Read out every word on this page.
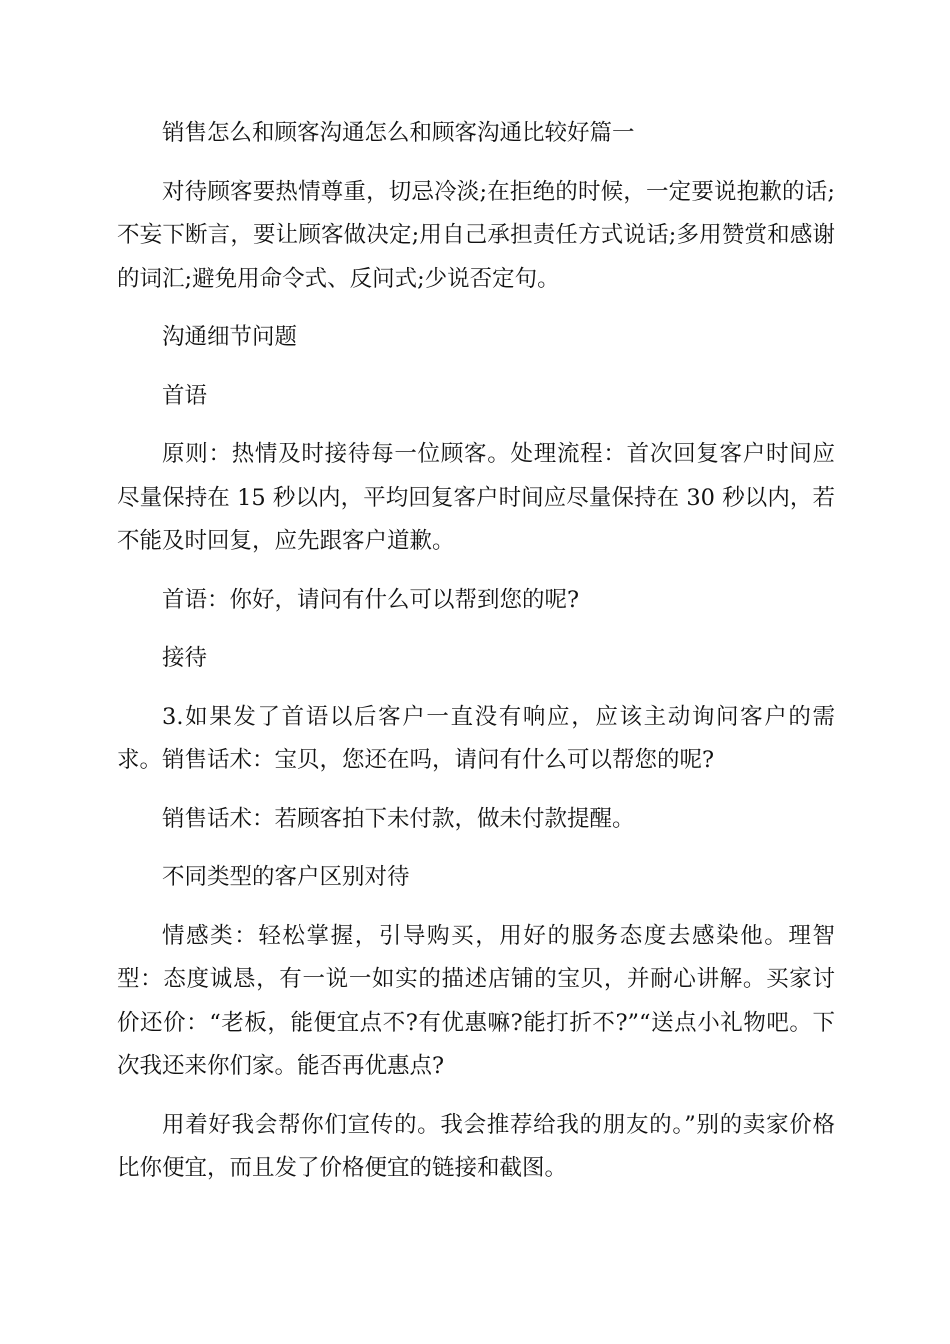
销售怎么和顾客沟通怎么和顾客沟通比较好篇一

对待顾客要热情尊重，切忌冷淡;在拒绝的时候，一定要说抱歉的话;不妄下断言，要让顾客做决定;用自己承担责任方式说话;多用赞赏和感谢的词汇;避免用命令式、反问式;少说否定句。

沟通细节问题

首语

原则：热情及时接待每一位顾客。处理流程：首次回复客户时间应尽量保持在 15 秒以内，平均回复客户时间应尽量保持在 30 秒以内，若不能及时回复，应先跟客户道歉。

首语：你好，请问有什么可以帮到您的呢?

接待

3.如果发了首语以后客户一直没有响应，应该主动询问客户的需求。销售话术：宝贝，您还在吗，请问有什么可以帮您的呢?

销售话术：若顾客拍下未付款，做未付款提醒。

不同类型的客户区别对待

情感类：轻松掌握，引导购买，用好的服务态度去感染他。理智型：态度诚恳，有一说一如实的描述店铺的宝贝，并耐心讲解。买家讨价还价：“老板，能便宜点不?有优惠嘛?能打折不?”“送点小礼物吧。下次我还来你们家。能否再优惠点?

用着好我会帮你们宣传的。我会推荐给我的朋友的。”别的卖家价格比你便宜，而且发了价格便宜的链接和截图。
